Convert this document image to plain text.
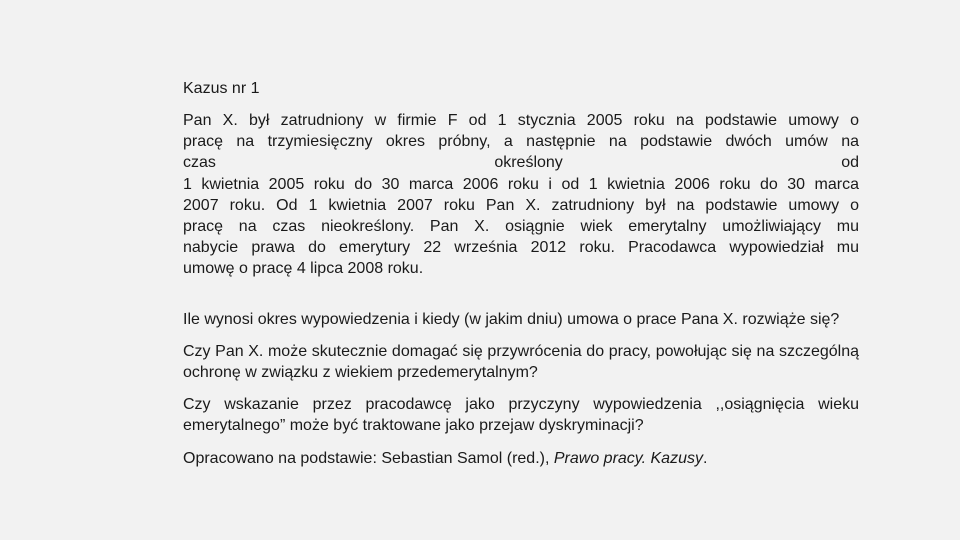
Kazus nr 1
Pan X. był zatrudniony w firmie F od 1 stycznia 2005 roku na podstawie umowy o
pracę na trzymiesięczny okres próbny, a następnie na podstawie dwóch umów na
czas określony od
1 kwietnia 2005 roku do 30 marca 2006 roku i od 1 kwietnia 2006 roku do 30 marca
2007 roku. Od 1 kwietnia 2007 roku Pan X. zatrudniony był na podstawie umowy o
pracę na czas nieokreślony. Pan X. osiągnie wiek emerytalny umożliwiający mu
nabycie prawa do emerytury 22 września 2012 roku. Pracodawca wypowiedział mu
umowę o pracę 4 lipca 2008 roku.

Ile wynosi okres wypowiedzenia i kiedy (w jakim dniu) umowa o prace Pana X. rozwiąże się?

Czy Pan X. może skutecznie domagać się przywrócenia do pracy, powołując się na szczególną ochronę w związku z wiekiem przedemerytalnym?

Czy wskazanie przez pracodawcę jako przyczyny wypowiedzenia ,,osiągnięcia wieku emerytalnego” może być traktowane jako przejaw dyskryminacji?

Opracowano na podstawie: Sebastian Samol (red.), Prawo pracy. Kazusy.
